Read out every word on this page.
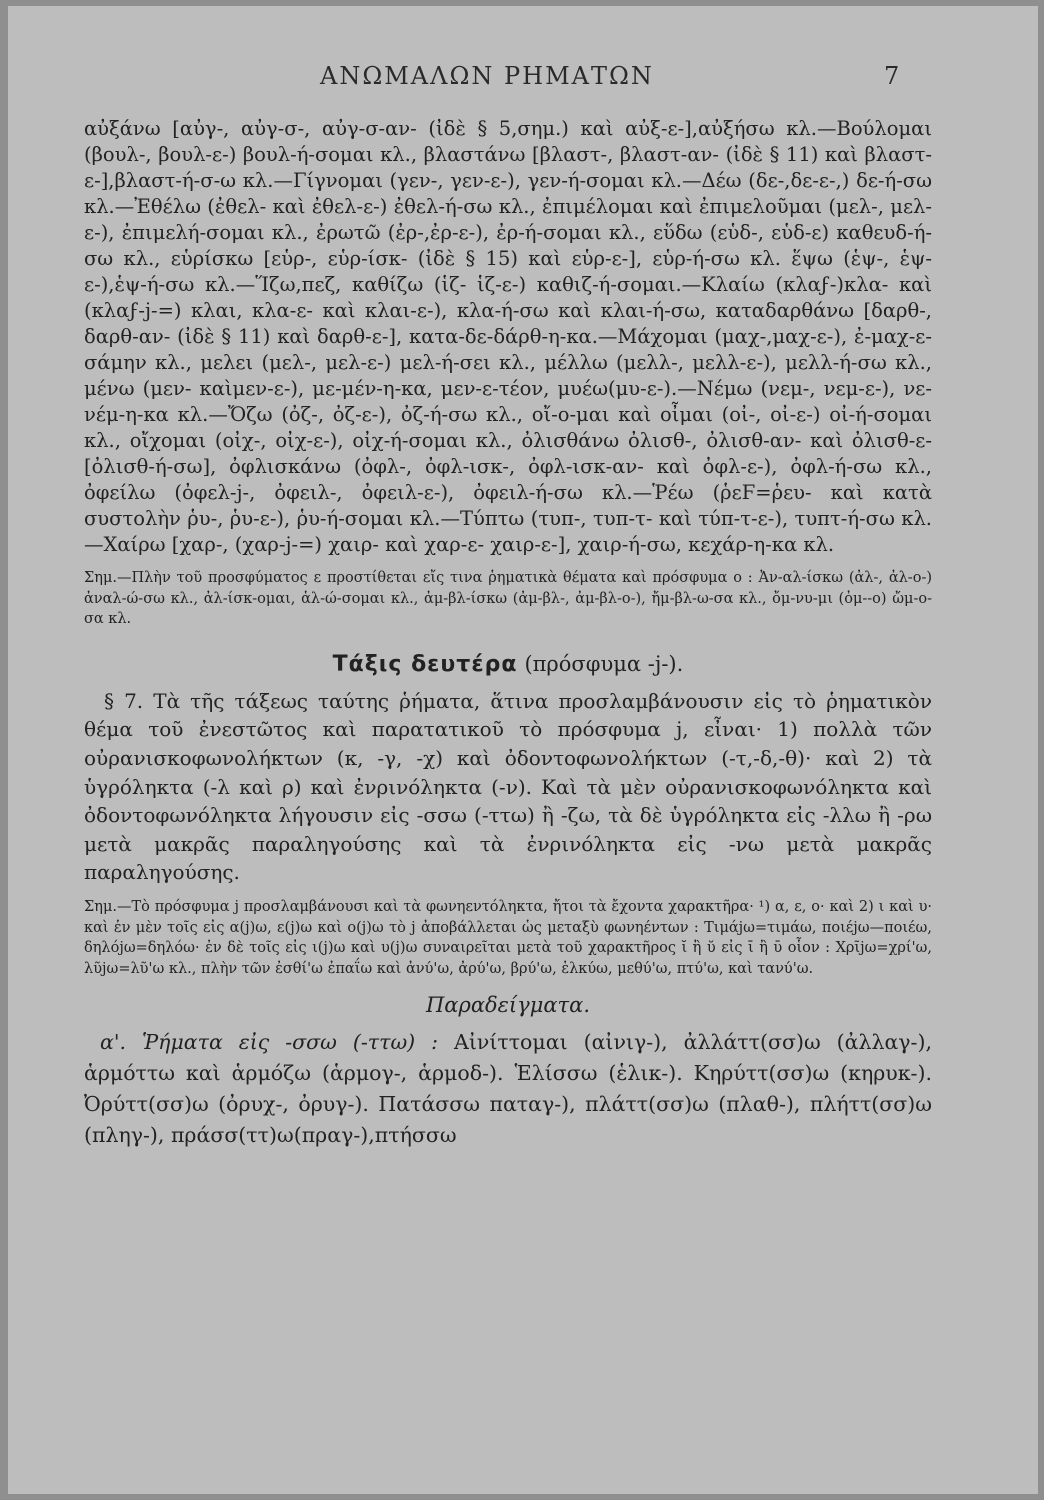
ΑΝΩΜΑΛΩΝ ΡΗΜΑΤΩΝ	7

αὐξάνω [αὐγ-, αὐγ-σ-, αὐγ-σ-αν- (ἰδὲ § 5,σημ.) καὶ αὐξ-ε-],αὐξήσω κλ.—Βούλομαι (βουλ-, βουλ-ε-) βουλ-ή-σομαι κλ., βλαστάνω [βλαστ-, βλαστ-αν- (ἰδὲ § 11) καὶ βλαστ-ε-],βλαστ-ή-σ-ω κλ.—Γίγνομαι (γεν-, γεν-ε-), γεν-ή-σομαι κλ.—Δέω (δε-,δε-ε-,) δε-ή-σω κλ.—Ἐθέλω (ἐθελ- καὶ ἐθελ-ε-) ἐθελ-ή-σω κλ., ἐπιμέλομαι καὶ ἐπιμελοῦμαι (μελ-, μελ-ε-), ἐπιμελή-σομαι κλ., ἐρωτῶ (ἐρ-,ἐρ-ε-), ἐρ-ή-σομαι κλ., εὕδω (εὑδ-, εὑδ-ε) καθευδ-ή-σω κλ., εὑρίσκω [εὑρ-, εὑρ-ίσκ- (ἰδὲ § 15) καὶ εὑρ-ε-], εὑρ-ή-σω κλ. ἕψω (ἑψ-, ἑψ-ε-),ἑψ-ή-σω κλ.—Ἵζω,πεζ, καθίζω (ἱζ- ἱζ-ε-) καθιζ-ή-σομαι.—Κλαίω (κλαϝ-)κλα- καὶ (κλαϝ-j-=) κλαι, κλα-ε- καὶ κλαι-ε-), κλα-ή-σω καὶ κλαι-ή-σω, καταδαρθάνω [δαρθ-, δαρθ-αν- (ἰδὲ § 11) καὶ δαρθ-ε-], κατα-δε-δάρθ-η-κα.—Μάχομαι (μαχ-,μαχ-ε-), ἐ-μαχ-ε-σάμην κλ., μελει (μελ-, μελ-ε-) μελ-ή-σει κλ., μέλλω (μελλ-, μελλ-ε-), μελλ-ή-σω κλ., μένω (μεν- καὶμεν-ε-), με-μέν-η-κα, μεν-ε-τέον, μυέω(μυ-ε-).—Νέμω (νεμ-, νεμ-ε-), νε-νέμ-η-κα κλ.—Ὄζω (ὀζ-, ὀζ-ε-), ὀζ-ή-σω κλ., οἴ-ο-μαι καὶ οἶμαι (οἰ-, οἰ-ε-) οἰ-ή-σομαι κλ., οἴχομαι (οἰχ-, οἰχ-ε-), οἰχ-ή-σομαι κλ., ὀλισθάνω ὀλισθ-, ὀλισθ-αν- καὶ ὀλισθ-ε- [ὀλισθ-ή-σω], ὀφλισκάνω (ὀφλ-, ὀφλ-ισκ-, ὀφλ-ισκ-αν- καὶ ὀφλ-ε-), ὀφλ-ή-σω κλ., ὀφείλω (ὀφελ-j-, ὀφειλ-, ὀφειλ-ε-), ὀφειλ-ή-σω κλ.—Ῥέω (ῥεϜ=ῥευ- καὶ κατὰ συστολὴν ῥυ-, ῥυ-ε-), ῥυ-ή-σομαι κλ.—Τύπτω (τυπ-, τυπ-τ- καὶ τύπ-τ-ε-), τυπτ-ή-σω κλ.—Χαίρω [χαρ-, (χαρ-j-=) χαιρ- καὶ χαρ-ε- χαιρ-ε-], χαιρ-ή-σω, κεχάρ-η-κα κλ.

Σημ.—Πλὴν τοῦ προσφύματος ε προστίθεται εἴς τινα ῥηματικὰ θέματα καὶ πρόσφυμα ο : Ἀν-αλ-ίσκω (ἀλ-, ἀλ-ο-) ἀναλ-ώ-σω κλ., ἀλ-ίσκ-ομαι, ἁλ-ώ-σομαι κλ., ἀμ-βλ-ίσκω (ἀμ-βλ-, ἀμ-βλ-ο-), ἤμ-βλ-ω-σα κλ., ὄμ-νυ-μι (ὀμ--ο) ὤμ-ο-σα κλ.

Τάξις δευτέρα (πρόσφυμα -j-).

§ 7. Τὰ τῆς τάξεως ταύτης ῥήματα, ἅτινα προσλαμβάνουσιν εἰς τὸ ῥηματικὸν θέμα τοῦ ἐνεστῶτος καὶ παρατατικοῦ τὸ πρόσφυμα j, εἶναι· 1) πολλὰ τῶν οὐρανισκοφωνολήκτων (κ, -γ, -χ) καὶ ὀδοντοφωνολήκτων (-τ,-δ,-θ)· καὶ 2) τὰ ὑγρόληκτα (-λ καὶ ρ) καὶ ἐνρινόληκτα (-ν). Καὶ τὰ μὲν οὐρανισκοφωνόληκτα καὶ ὀδοντοφωνόληκτα λήγουσιν εἰς -σσω (-ττω) ἢ -ζω, τὰ δὲ ὑγρόληκτα εἰς -λλω ἢ -ρω μετὰ μακρᾶς παραληγούσης καὶ τὰ ἐνρινόληκτα εἰς -νω μετὰ μακρᾶς παραληγούσης.

Σημ.—Τὸ πρόσφυμα j προσλαμβάνουσι καὶ τὰ φωνηεντόληκτα, ἤτοι τὰ ἔχοντα χαρακτῆρα· ¹) α, ε, ο· καὶ 2) ι καὶ υ· καὶ ἐν μὲν τοῖς εἰς α(j)ω, ε(j)ω καὶ ο(j)ω τὸ j ἀποβάλλεται ὡς μεταξὺ φωνηέντων : Τιμάjω=τιμάω, ποιέjω—ποιέω, δηλόjω=δηλόω· ἐν δὲ τοῖς εἰς ι(j)ω καὶ υ(j)ω συναιρεῖται μετὰ τοῦ χαρακτῆρος ῐ ἢ ῠ εἰς ῑ ἢ ῡ οἷον : Χρῖjω=χρί'ω, λῦjω=λῦ'ω κλ., πλὴν τῶν ἐσθί'ω ἐπαΐω καὶ ἀνύ'ω, ἀρύ'ω, βρύ'ω, ἑλκύω, μεθύ'ω, πτύ'ω, καὶ τανύ'ω.

Παραδείγματα.

α'. Ῥήματα εἰς -σσω (-ττω) : Αἰνίττομαι (αἰνιγ-), ἀλλάττ(σσ)ω (ἀλλαγ-), ἁρμόττω καὶ ἁρμόζω (ἁρμογ-, ἁρμοδ-). Ἑλίσσω (ἑλικ-). Κηρύττ(σσ)ω (κηρυκ-). Ὀρύττ(σσ)ω (ὀρυχ-, ὀρυγ-). Πατάσσω παταγ-), πλάττ(σσ)ω (πλαθ-), πλήττ(σσ)ω (πληγ-), πράσσ(ττ)ω(πραγ-),πτήσσω
